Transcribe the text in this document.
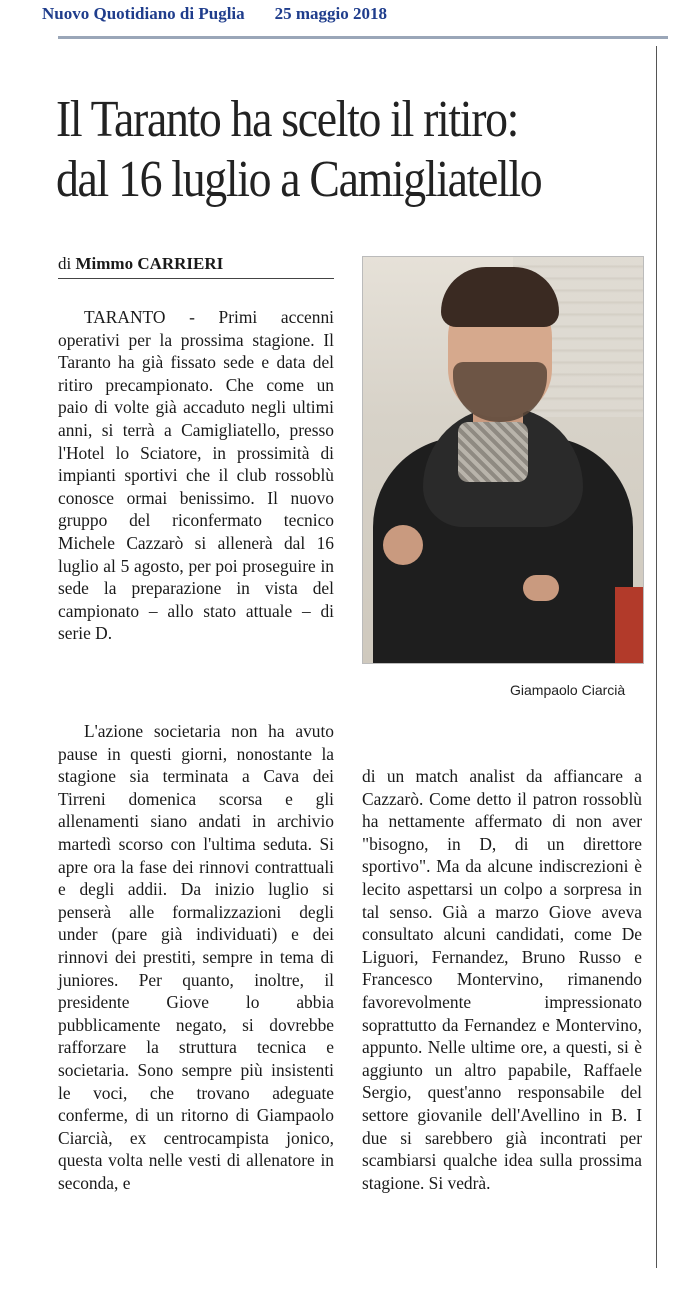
Nuovo Quotidiano di Puglia 25 maggio 2018
Il Taranto ha scelto il ritiro:
dal 16 luglio a Camigliatello
di Mimmo CARRIERI
Giampaolo Ciarcià

TARANTO - Primi accenni operativi per la prossima stagione. Il Taranto ha già fissato sede e data del ritiro precampionato. Che come un paio di volte già accaduto negli ultimi anni, si terrà a Camigliatello, presso l'Hotel lo Sciatore, in prossimità di impianti sportivi che il club rossoblù conosce ormai benissimo. Il nuovo gruppo del riconfermato tecnico Michele Cazzarò si allenerà dal 16 luglio al 5 agosto, per poi proseguire in sede la preparazione in vista del campionato – allo stato attuale – di serie D.

L'azione societaria non ha avuto pause in questi giorni, nonostante la stagione sia terminata a Cava dei Tirreni domenica scorsa e gli allenamenti siano andati in archivio martedì scorso con l'ultima seduta. Si apre ora la fase dei rinnovi contrattuali e degli addii. Da inizio luglio si penserà alle formalizzazioni degli under (pare già individuati) e dei rinnovi dei prestiti, sempre in tema di juniores. Per quanto, inoltre, il presidente Giove lo abbia pubblicamente negato, si dovrebbe rafforzare la struttura tecnica e societaria. Sono sempre più insistenti le voci, che trovano adeguate conferme, di un ritorno di Giampaolo Ciarcià, ex centrocampista jonico, questa volta nelle vesti di allenatore in seconda, e

di un match analist da affiancare a Cazzarò. Come detto il patron rossoblù ha nettamente affermato di non aver "bisogno, in D, di un direttore sportivo". Ma da alcune indiscrezioni è lecito aspettarsi un colpo a sorpresa in tal senso. Già a marzo Giove aveva consultato alcuni candidati, come De Liguori, Fernandez, Bruno Russo e Francesco Montervino, rimanendo favorevolmente impressionato soprattutto da Fernandez e Montervino, appunto. Nelle ultime ore, a questi, si è aggiunto un altro papabile, Raffaele Sergio, quest'anno responsabile del settore giovanile dell'Avellino in B. I due si sarebbero già incontrati per scambiarsi qualche idea sulla prossima stagione. Si vedrà.
